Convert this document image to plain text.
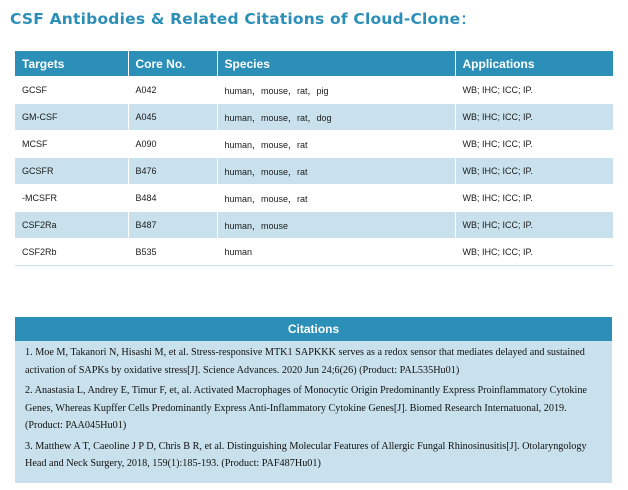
CSF Antibodies & Related Citations of Cloud-Clone：
Targets	Core No.	Species	Applications
GCSF	A042	human，mouse，rat，pig	WB; IHC; ICC; IP.
GM-CSF	A045	human，mouse，rat，dog	WB; IHC; ICC; IP.
MCSF	A090	human，mouse，rat	WB; IHC; ICC; IP.
GCSFR	B476	human，mouse，rat	WB; IHC; ICC; IP.
-MCSFR	B484	human，mouse，rat	WB; IHC; ICC; IP.
CSF2Ra	B487	human，mouse	WB; IHC; ICC; IP.
CSF2Rb	B535	human	WB; IHC; ICC; IP.
Citations
1. Moe M, Takanori N, Hisashi M, et al. Stress-responsive MTK1 SAPKKK serves as a redox sensor that mediates delayed and sustained activation of SAPKs by oxidative stress[J]. Science Advances. 2020 Jun 24;6(26) (Product: PAL535Hu01)
2. Anastasia L, Andrey E, Timur F, et, al. Activated Macrophages of Monocytic Origin Predominantly Express Proinflammatory Cytokine Genes, Whereas Kupffer Cells Predominantly Express Anti-Inflammatory Cytokine Genes[J]. Biomed Research Internatuonal, 2019. (Product: PAA045Hu01)
3. Matthew A T, Caeoline J P D, Chris B R, et al. Distinguishing Molecular Features of Allergic Fungal Rhinosinusitis[J]. Otolaryngology Head and Neck Surgery, 2018, 159(1):185-193. (Product: PAF487Hu01)
